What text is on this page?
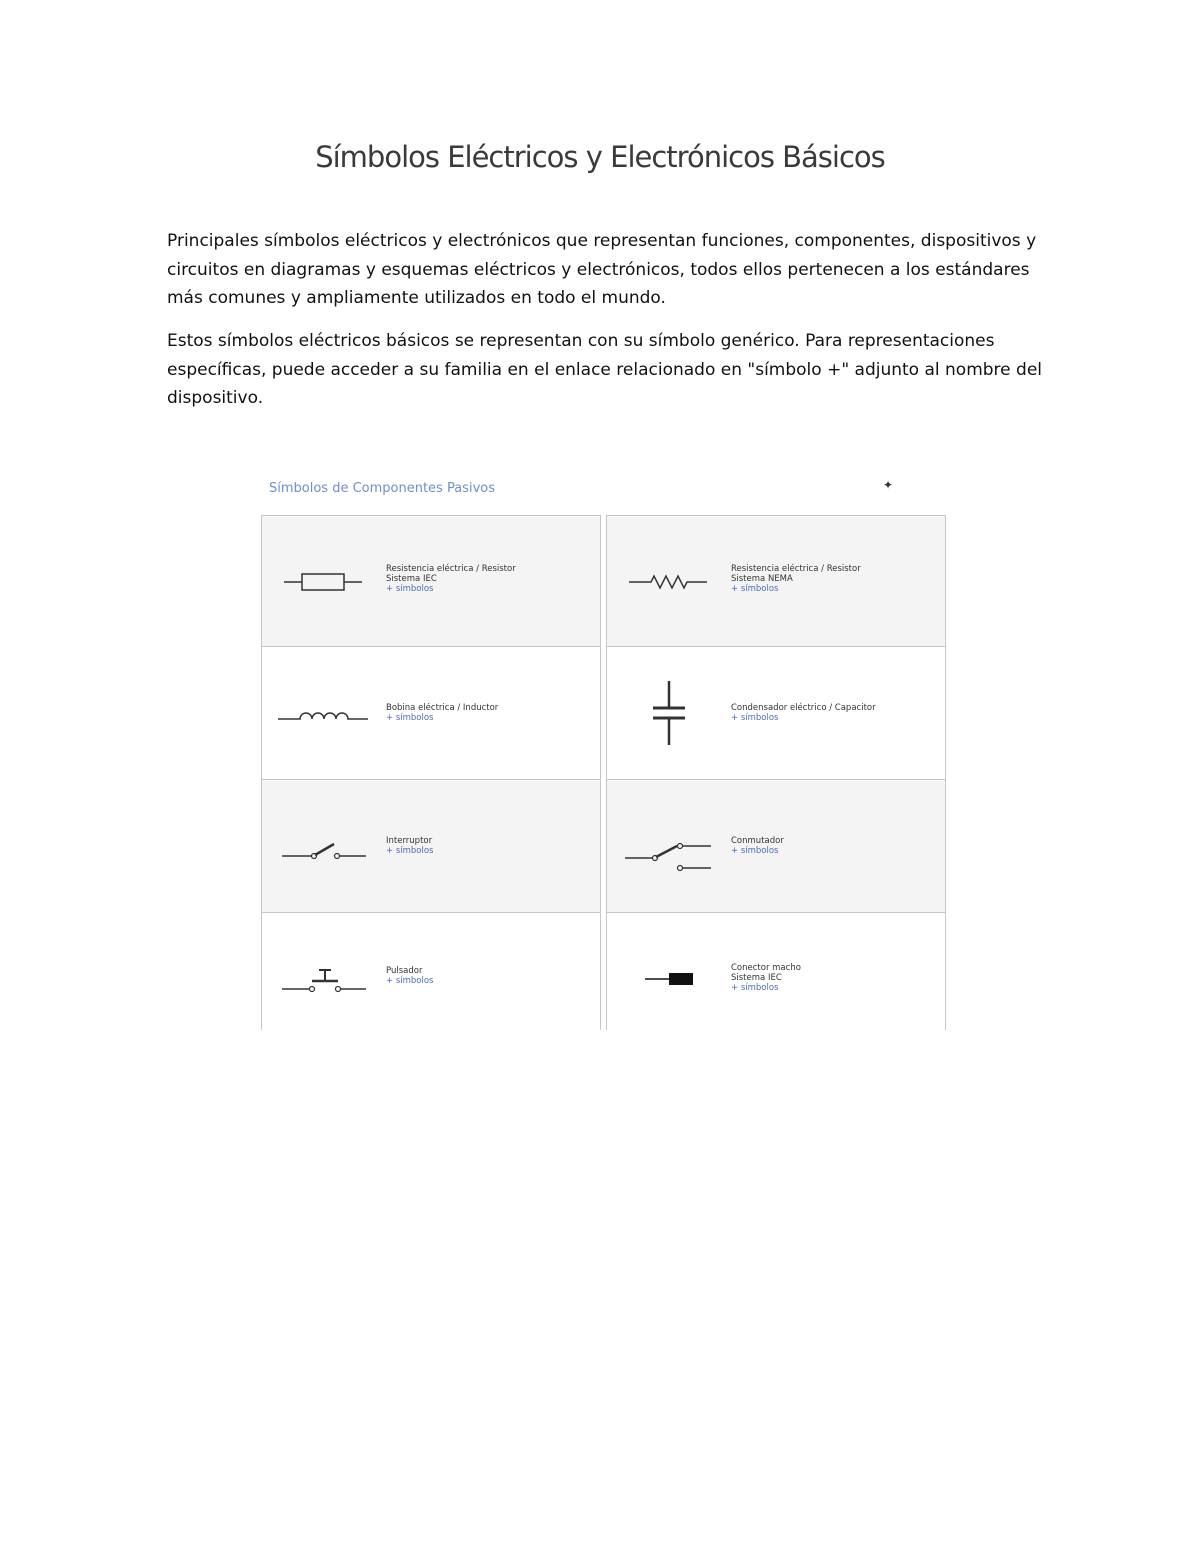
Símbolos Eléctricos y Electrónicos Básicos
Principales símbolos eléctricos y electrónicos que representan funciones, componentes, dispositivos y circuitos en diagramas y esquemas eléctricos y electrónicos, todos ellos pertenecen a los estándares más comunes y ampliamente utilizados en todo el mundo.
Estos símbolos eléctricos básicos se representan con su símbolo genérico. Para representaciones específicas, puede acceder a su familia en el enlace relacionado en "símbolo +" adjunto al nombre del dispositivo.
Símbolos de Componentes Pasivos	✦
Resistencia eléctrica / Resistor
Sistema IEC
+ símbolos
Resistencia eléctrica / Resistor
Sistema NEMA
+ símbolos
Bobina eléctrica / Inductor
+ símbolos
Condensador eléctrico / Capacitor
+ símbolos
Interruptor
+ símbolos
Conmutador
+ símbolos
Pulsador
+ símbolos
Conector macho
Sistema IEC
+ símbolos
